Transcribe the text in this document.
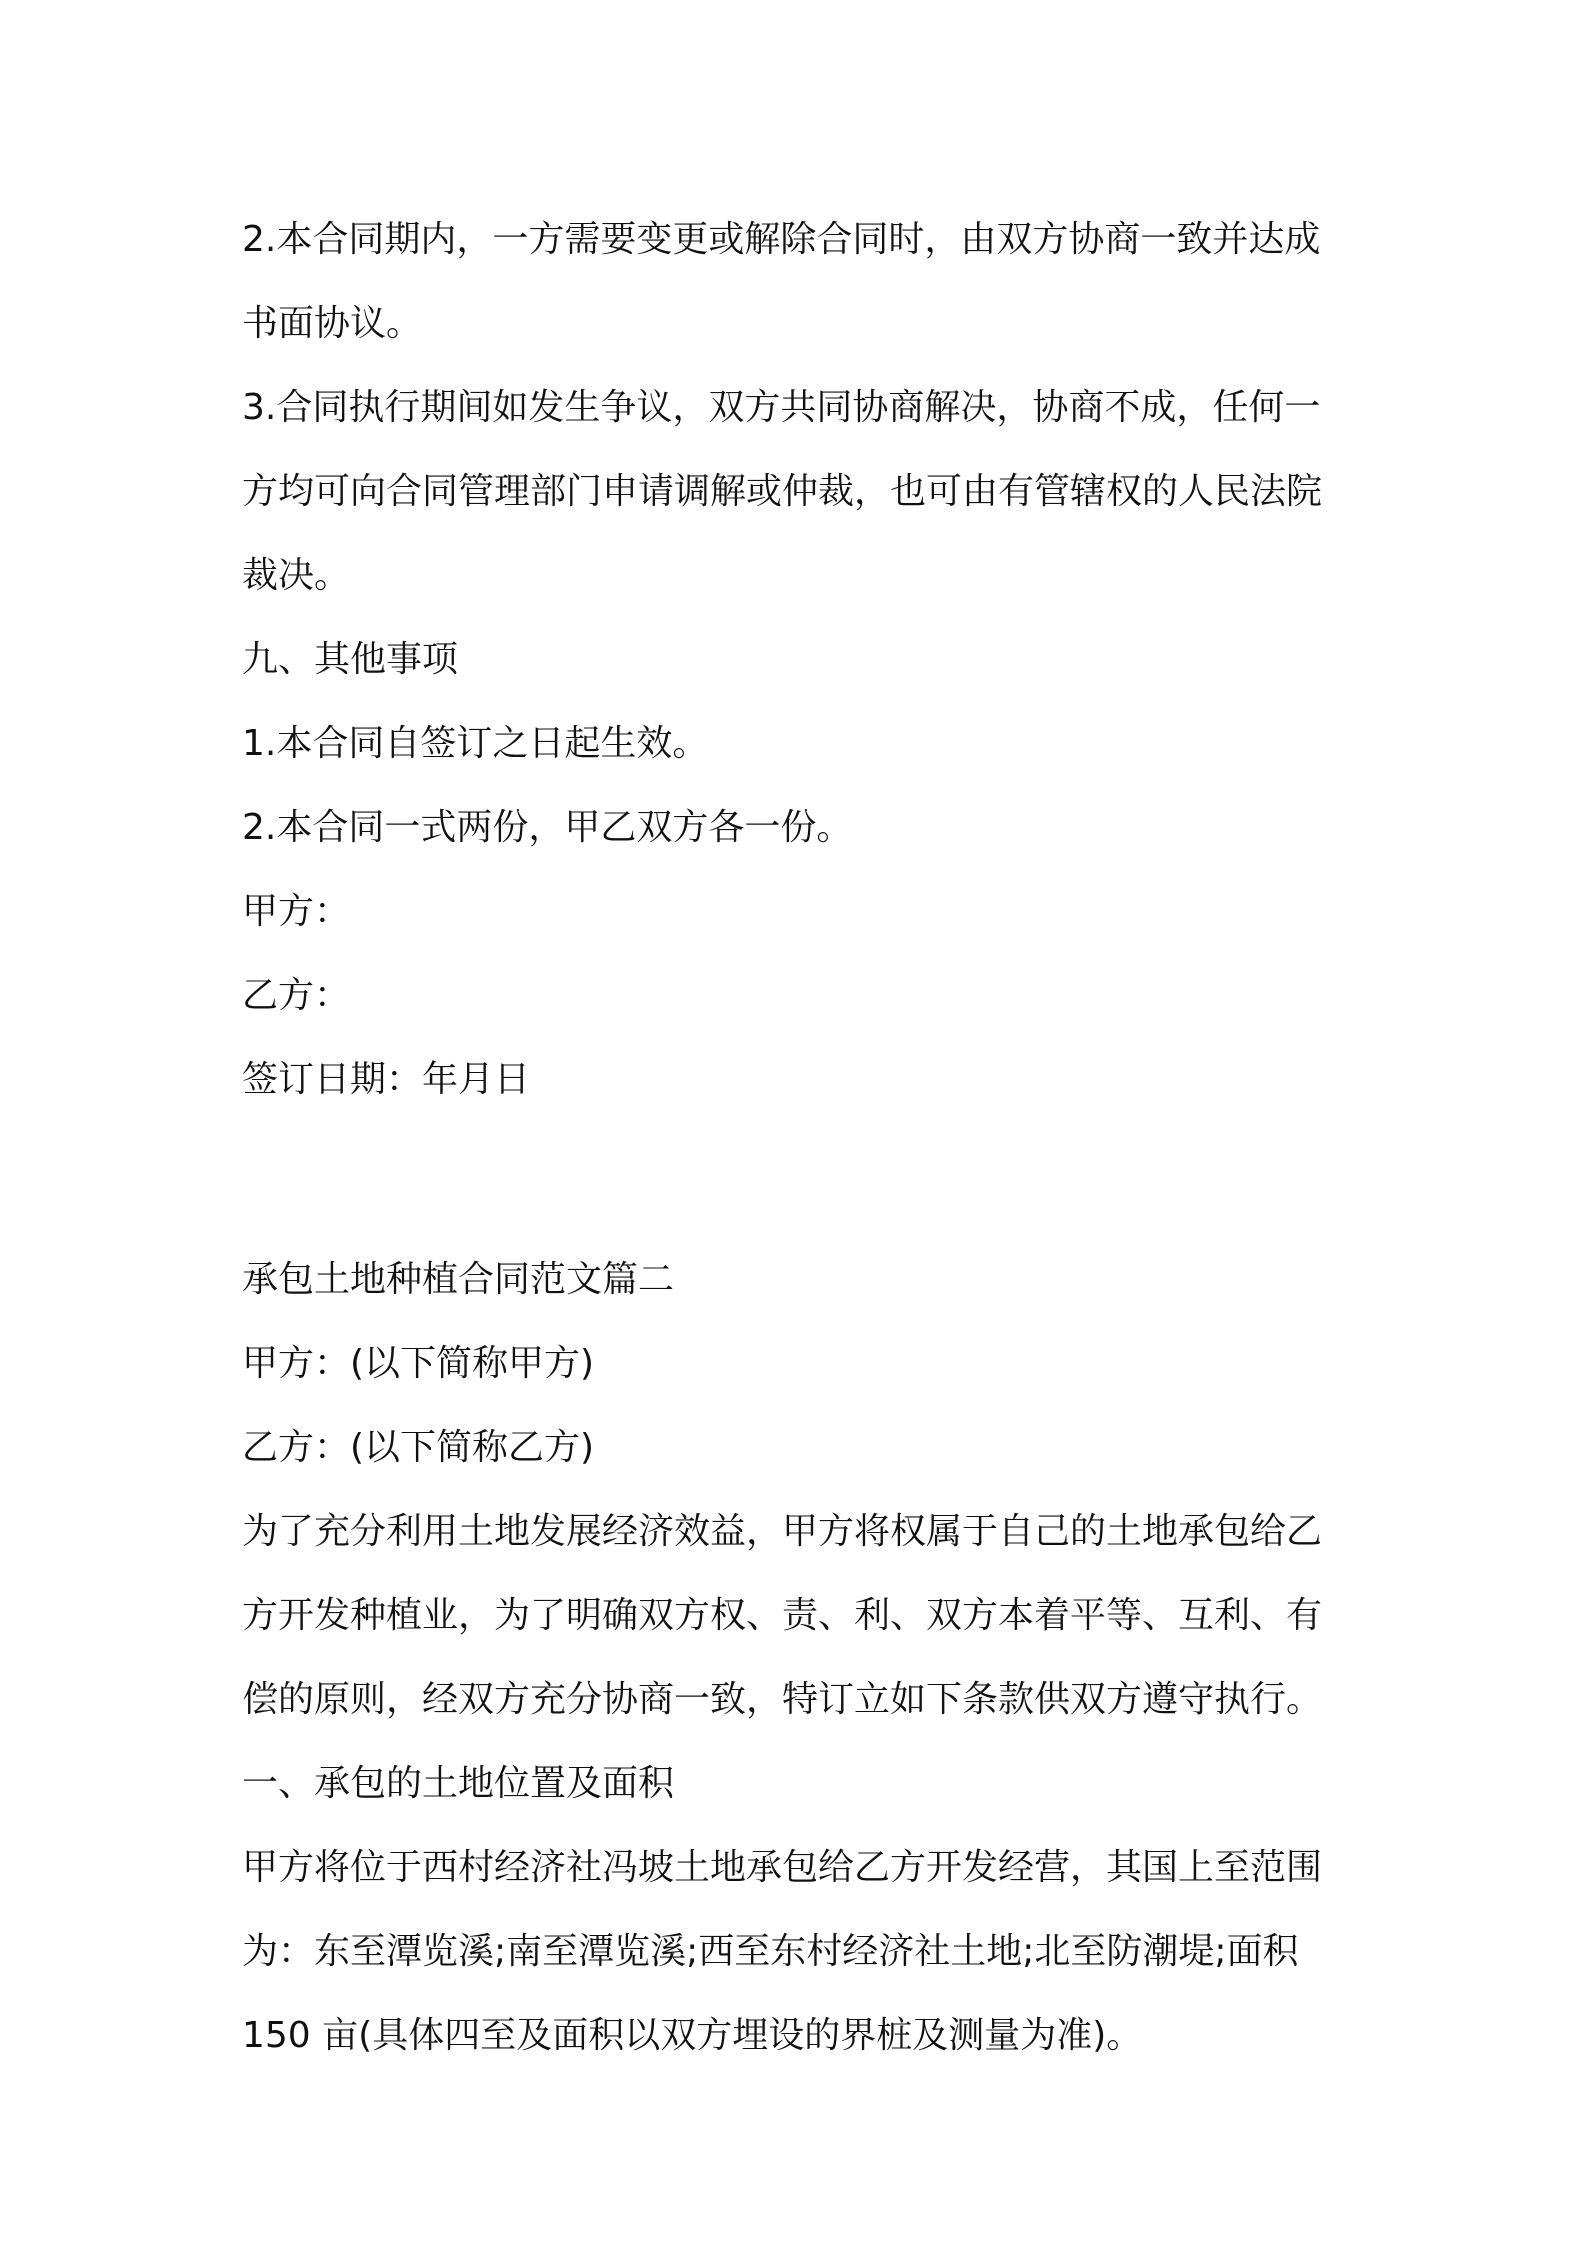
2.本合同期内，一方需要变更或解除合同时，由双方协商一致并达成
书面协议。
3.合同执行期间如发生争议，双方共同协商解决，协商不成，任何一
方均可向合同管理部门申请调解或仲裁，也可由有管辖权的人民法院
裁决。
九、其他事项
1.本合同自签订之日起生效。
2.本合同一式两份，甲乙双方各一份。
甲方：
乙方：
签订日期：年月日
承包土地种植合同范文篇二
甲方：(以下简称甲方)
乙方：(以下简称乙方)
为了充分利用土地发展经济效益，甲方将权属于自己的土地承包给乙
方开发种植业，为了明确双方权、责、利、双方本着平等、互利、有
偿的原则，经双方充分协商一致，特订立如下条款供双方遵守执行。
一、承包的土地位置及面积
甲方将位于西村经济社冯坡土地承包给乙方开发经营，其国上至范围
为：东至潭览溪;南至潭览溪;西至东村经济社土地;北至防潮堤;面积
150 亩(具体四至及面积以双方埋设的界桩及测量为准)。
